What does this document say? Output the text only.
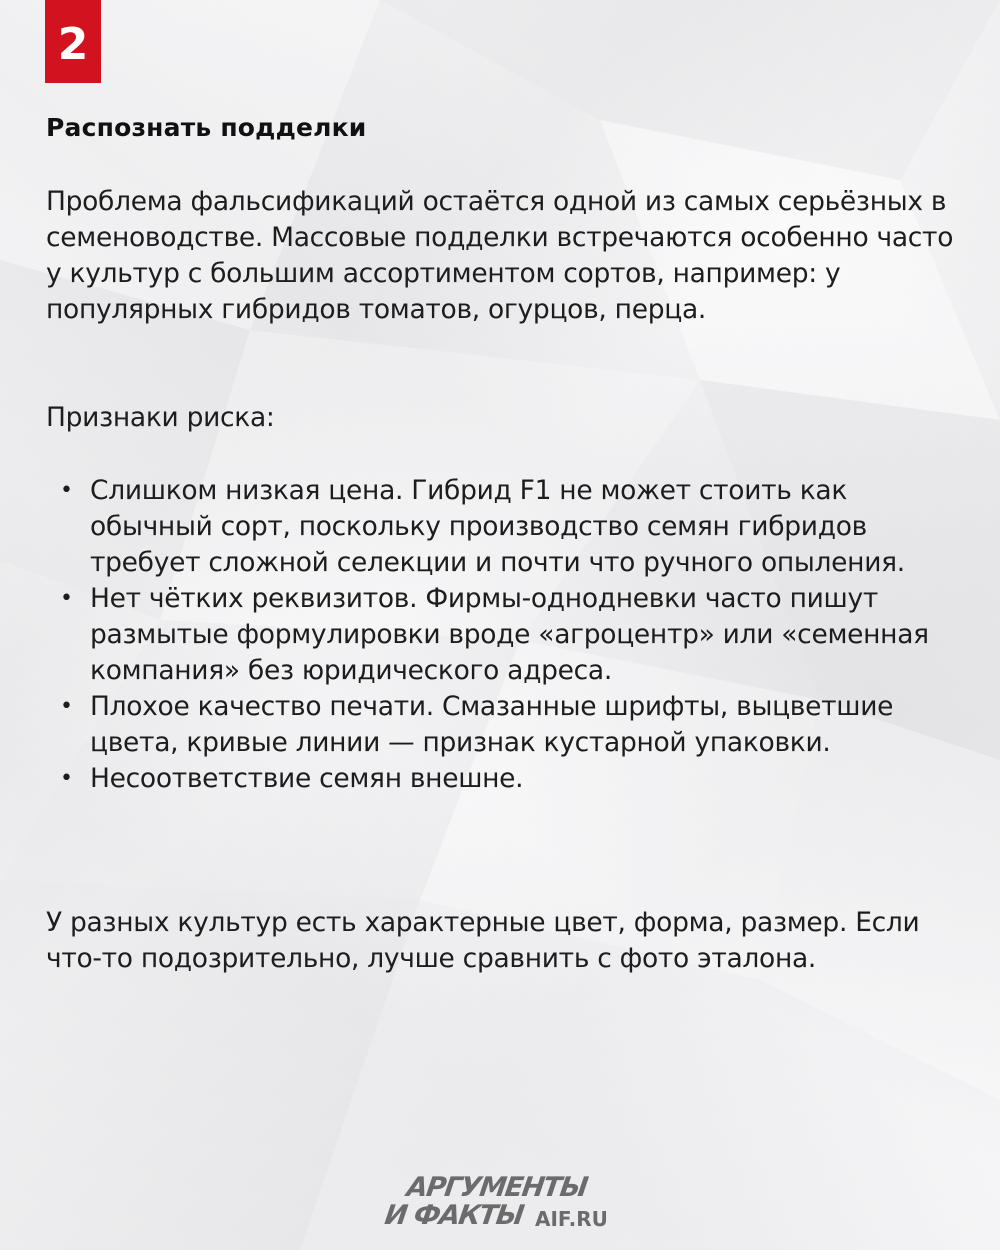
2
Распознать подделки
Проблема фальсификаций остаётся одной из самых серьёзных в семеноводстве. Массовые подделки встречаются особенно часто у культур с большим ассортиментом сортов, например: у популярных гибридов томатов, огурцов, перца.
Признаки риска:
• Слишком низкая цена. Гибрид F1 не может стоить как обычный сорт, поскольку производство семян гибридов требует сложной селекции и почти что ручного опыления.
• Нет чётких реквизитов. Фирмы-однодневки часто пишут размытые формулировки вроде «агроцентр» или «семенная компания» без юридического адреса.
• Плохое качество печати. Смазанные шрифты, выцветшие цвета, кривые линии — признак кустарной упаковки.
• Несоответствие семян внешне.
У разных культур есть характерные цвет, форма, размер. Если что-то подозрительно, лучше сравнить с фото эталона.
АРГУМЕНТЫ
И ФАКТЫ AIF.RU
